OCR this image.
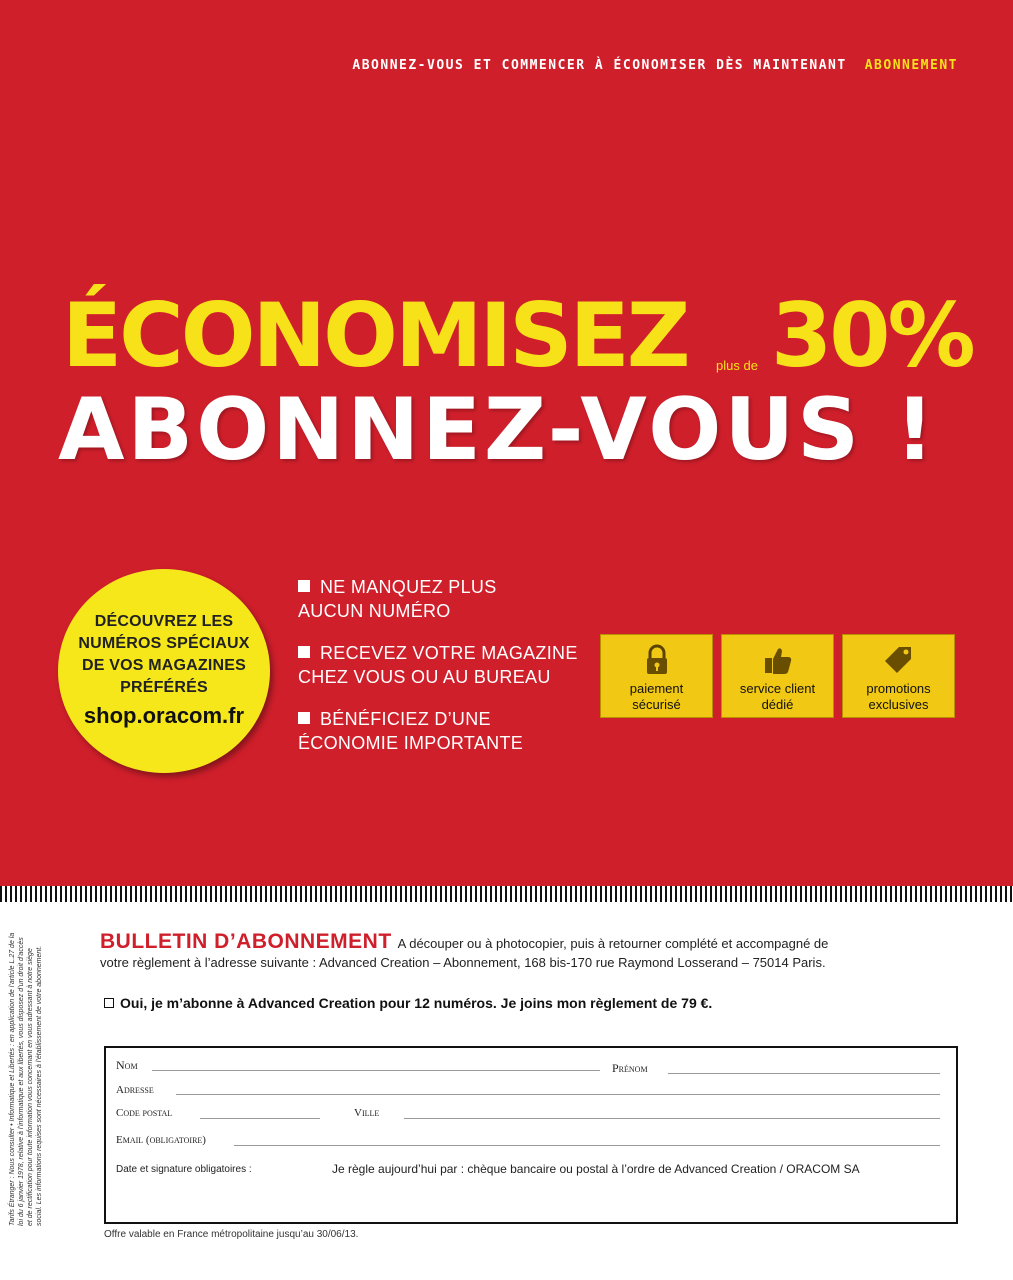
ABONNEZ-VOUS ET COMMENCER À ÉCONOMISER DÈS MAINTENANT ABONNEMENT
ÉCONOMISEZ plus de 30%
ABONNEZ-VOUS !
DÉCOUVREZ LES
NUMÉROS SPÉCIAUX
DE VOS MAGAZINES
PRÉFÉRÉS
shop.oracom.fr
NE MANQUEZ PLUS
AUCUN NUMÉRO
RECEVEZ VOTRE MAGAZINE
CHEZ VOUS OU AU BUREAU
BÉNÉFICIEZ D’UNE
ÉCONOMIE IMPORTANTE
paiement
sécurisé
service client
dédié
promotions
exclusives
Tarifs Étranger : Nous consulter • Informatique et Libertés : en application de l’article L.27 de la loi du 6 janvier 1978, relative à l’informatique et aux libertés, vous disposez d’un droit d’accès et de rectification pour toute information vous concernant en vous adressant à notre siège social. Les informations requises sont nécessaires à l’établissement de votre abonnement.
BULLETIN D’ABONNEMENT A découper ou à photocopier, puis à retourner complété et accompagné de
votre règlement à l’adresse suivante : Advanced Creation – Abonnement, 168 bis-170 rue Raymond Losserand – 75014 Paris.
Oui, je m’abonne à Advanced Creation pour 12 numéros. Je joins mon règlement de 79 €.
Nom	Prénom
Adresse
Code postal	Ville
Email (obligatoire)
Date et signature obligatoires :	Je règle aujourd’hui par : chèque bancaire ou postal à l’ordre de Advanced Creation / ORACOM SA
Offre valable en France métropolitaine jusqu’au 30/06/13.
